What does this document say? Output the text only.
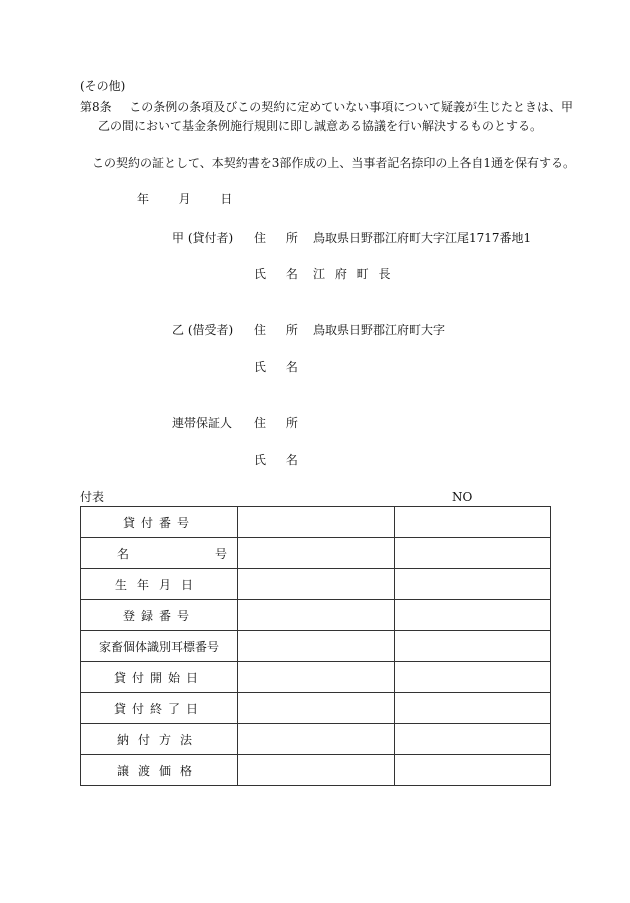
(その他)
第8条 この条例の条項及びこの契約に定めていない事項について疑義が生じたときは、甲
乙の間において基金条例施行規則に即し誠意ある協議を行い解決するものとする。
この契約の証として、本契約書を3部作成の上、当事者記名捺印の上各自1通を保有する。
年 月 日
甲 (貸付者) 住 所 鳥取県日野郡江府町大字江尾1717番地1
氏 名 江 府 町 長
乙 (借受者) 住 所 鳥取県日野郡江府町大字
氏 名
連帯保証人 住 所
氏 名
付表	NO
貸付番号		
名 号		
生年月日		
登録番号		
家畜個体識別耳標番号		
貸付開始日		
貸付終了日		
納付方法		
譲渡価格		
